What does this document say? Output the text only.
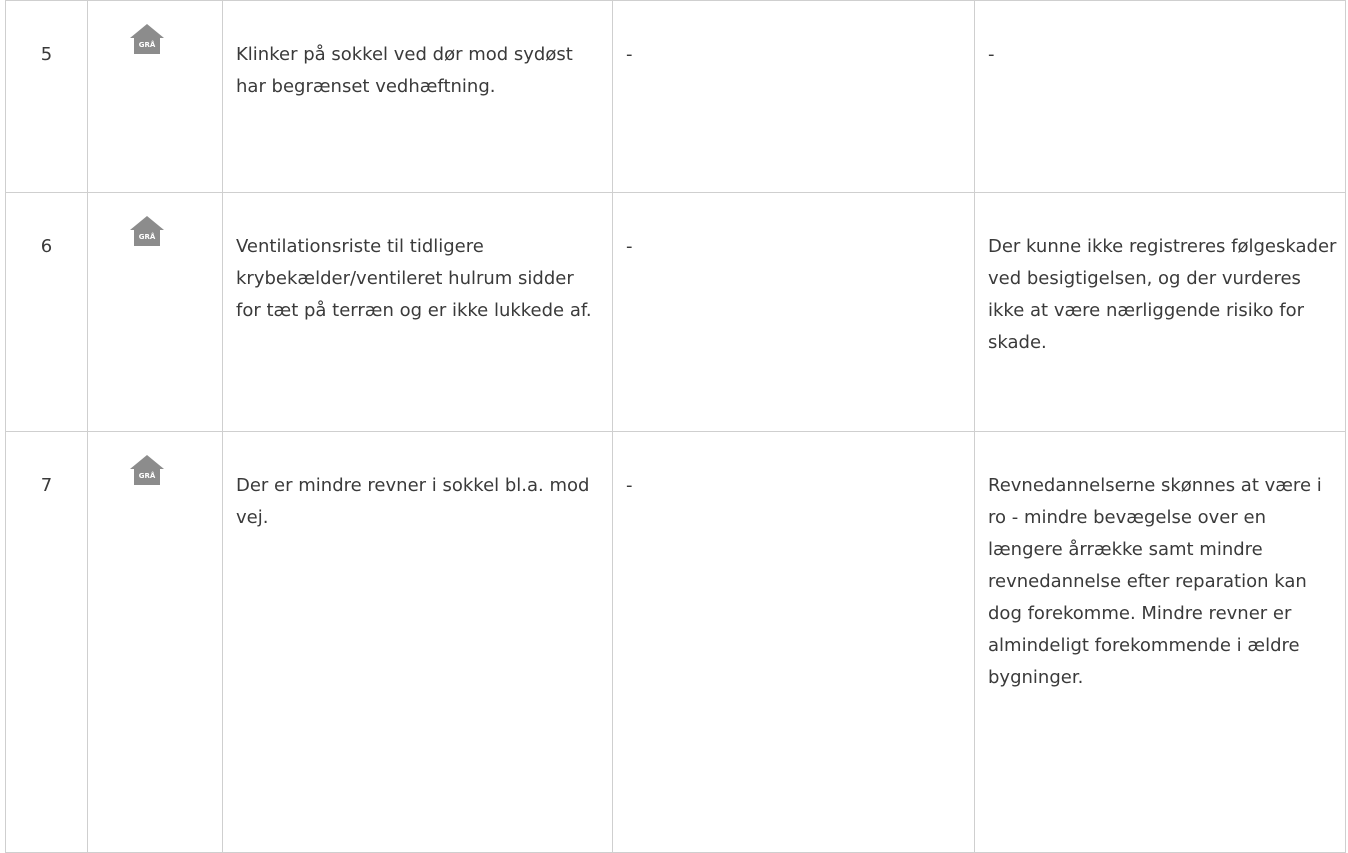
5	GRÅ	Klinker på sokkel ved dør mod sydøst har begrænset vedhæftning.	-	-
6	GRÅ	Ventilationsriste til tidligere krybekælder/ventileret hulrum sidder for tæt på terræn og er ikke lukkede af.	-	Der kunne ikke registreres følgeskader ved besigtigelsen, og der vurderes ikke at være nærliggende risiko for skade.
7	GRÅ	Der er mindre revner i sokkel bl.a. mod vej.	-	Revnedannelserne skønnes at være i ro - mindre bevægelse over en længere årrække samt mindre revnedannelse efter reparation kan dog forekomme. Mindre revner er almindeligt forekommende i ældre bygninger.
